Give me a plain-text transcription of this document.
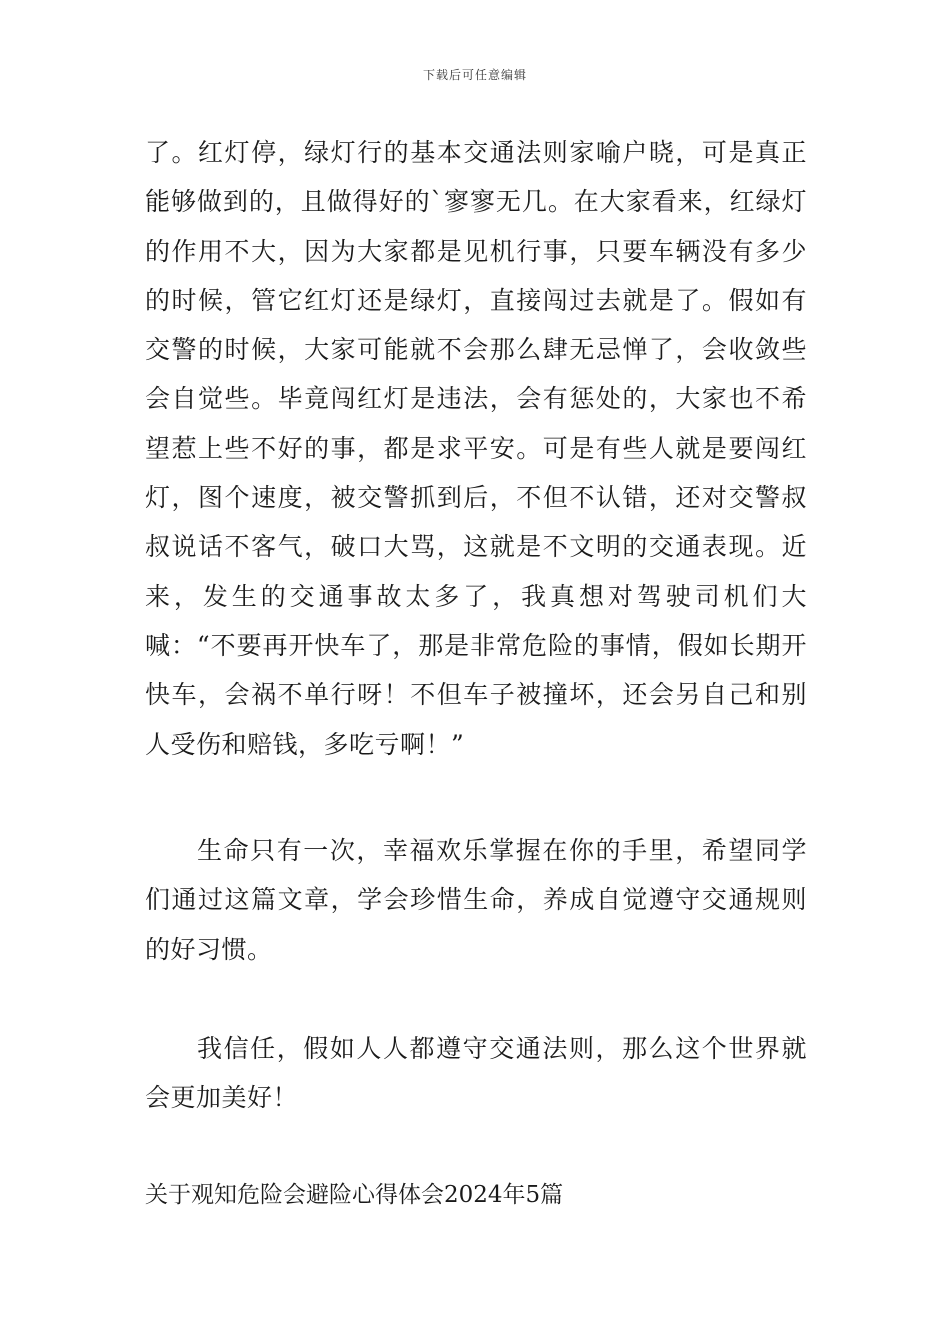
下载后可任意编辑

了。红灯停，绿灯行的基本交通法则家喻户晓，可是真正能够做到的，且做得好的`寥寥无几。在大家看来，红绿灯的作用不大，因为大家都是见机行事，只要车辆没有多少的时候，管它红灯还是绿灯，直接闯过去就是了。假如有交警的时候，大家可能就不会那么肆无忌惮了，会收敛些会自觉些。毕竟闯红灯是违法，会有惩处的，大家也不希望惹上些不好的事，都是求平安。可是有些人就是要闯红灯，图个速度，被交警抓到后，不但不认错，还对交警叔叔说话不客气，破口大骂，这就是不文明的交通表现。近来，发生的交通事故太多了，我真想对驾驶司机们大喊：“不要再开快车了，那是非常危险的事情，假如长期开快车，会祸不单行呀！不但车子被撞坏，还会另自己和别人受伤和赔钱，多吃亏啊！”

生命只有一次，幸福欢乐掌握在你的手里，希望同学们通过这篇文章，学会珍惜生命，养成自觉遵守交通规则的好习惯。

我信任，假如人人都遵守交通法则，那么这个世界就会更加美好！

关于观知危险会避险心得体会2024年5篇
